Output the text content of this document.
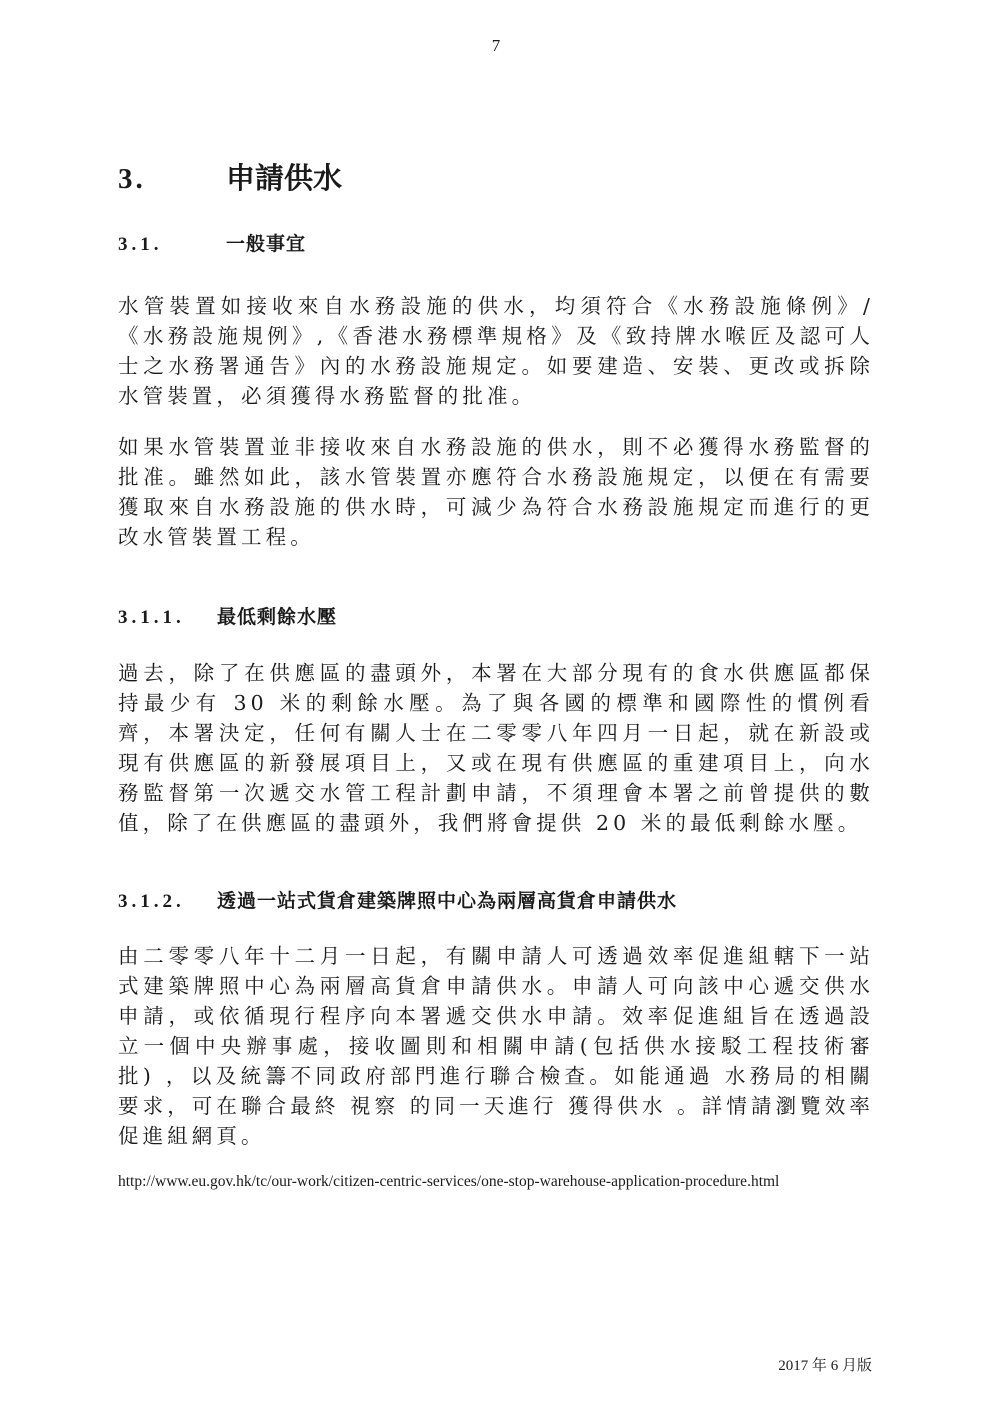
7
3.	申請供水
3.1.	一般事宜
水管裝置如接收來自水務設施的供水，均須符合《水務設施條例》/《水務設施規例》,《香港水務標準規格》及《致持牌水喉匠及認可人士之水務署通告》內的水務設施規定。如要建造、安裝、更改或拆除水管裝置，必須獲得水務監督的批准。
如果水管裝置並非接收來自水務設施的供水，則不必獲得水務監督的批准。雖然如此，該水管裝置亦應符合水務設施規定，以便在有需要獲取來自水務設施的供水時，可減少為符合水務設施規定而進行的更改水管裝置工程。
3.1.1. 最低剩餘水壓
過去，除了在供應區的盡頭外，本署在大部分現有的食水供應區都保持最少有 30 米的剩餘水壓。為了與各國的標準和國際性的慣例看齊，本署決定，任何有關人士在二零零八年四月一日起，就在新設或現有供應區的新發展項目上，又或在現有供應區的重建項目上，向水務監督第一次遞交水管工程計劃申請，不須理會本署之前曾提供的數值，除了在供應區的盡頭外，我們將會提供 20 米的最低剩餘水壓。
3.1.2. 透過一站式貨倉建築牌照中心為兩層高貨倉申請供水
由二零零八年十二月一日起，有關申請人可透過效率促進組轄下一站式建築牌照中心為兩層高貨倉申請供水。申請人可向該中心遞交供水申請，或依循現行程序向本署遞交供水申請。效率促進組旨在透過設立一個中央辦事處，接收圖則和相關申請(包括供水接駁工程技術審批) ，以及統籌不同政府部門進行聯合檢查。如能通過 水務局的相關要求，可在聯合最終 視察 的同一天進行 獲得供水 。詳情請瀏覽效率促進組網頁。
http://www.eu.gov.hk/tc/our-work/citizen-centric-services/one-stop-warehouse-application-procedure.html
2017 年 6 月版
